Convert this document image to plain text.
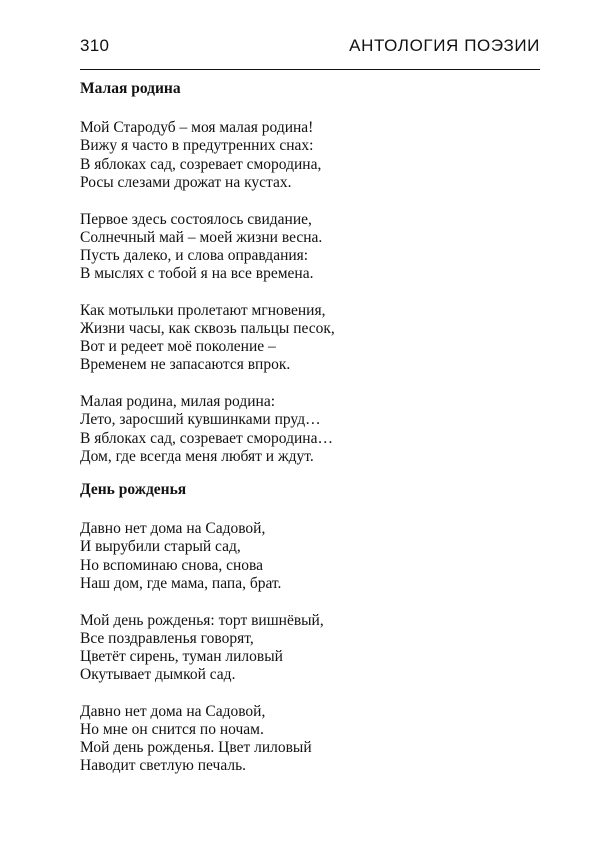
310	АНТОЛОГИЯ ПОЭЗИИ
Малая родина
Мой Стародуб – моя малая родина!
Вижу я часто в предутренних снах:
В яблоках сад, созревает смородина,
Росы слезами дрожат на кустах.
Первое здесь состоялось свидание,
Солнечный май – моей жизни весна.
Пусть далеко, и слова оправдания:
В мыслях с тобой я на все времена.
Как мотыльки пролетают мгновения,
Жизни часы, как сквозь пальцы песок,
Вот и редеет моё поколение –
Временем не запасаются впрок.
Малая родина, милая родина:
Лето, заросший кувшинками пруд…
В яблоках сад, созревает смородина…
Дом, где всегда меня любят и ждут.
День рожденья
Давно нет дома на Садовой,
И вырубили старый сад,
Но вспоминаю снова, снова
Наш дом, где мама, папа, брат.
Мой день рожденья: торт вишнёвый,
Все поздравленья говорят,
Цветёт сирень, туман лиловый
Окутывает дымкой сад.
Давно нет дома на Садовой,
Но мне он снится по ночам.
Мой день рожденья. Цвет лиловый
Наводит светлую печаль.
